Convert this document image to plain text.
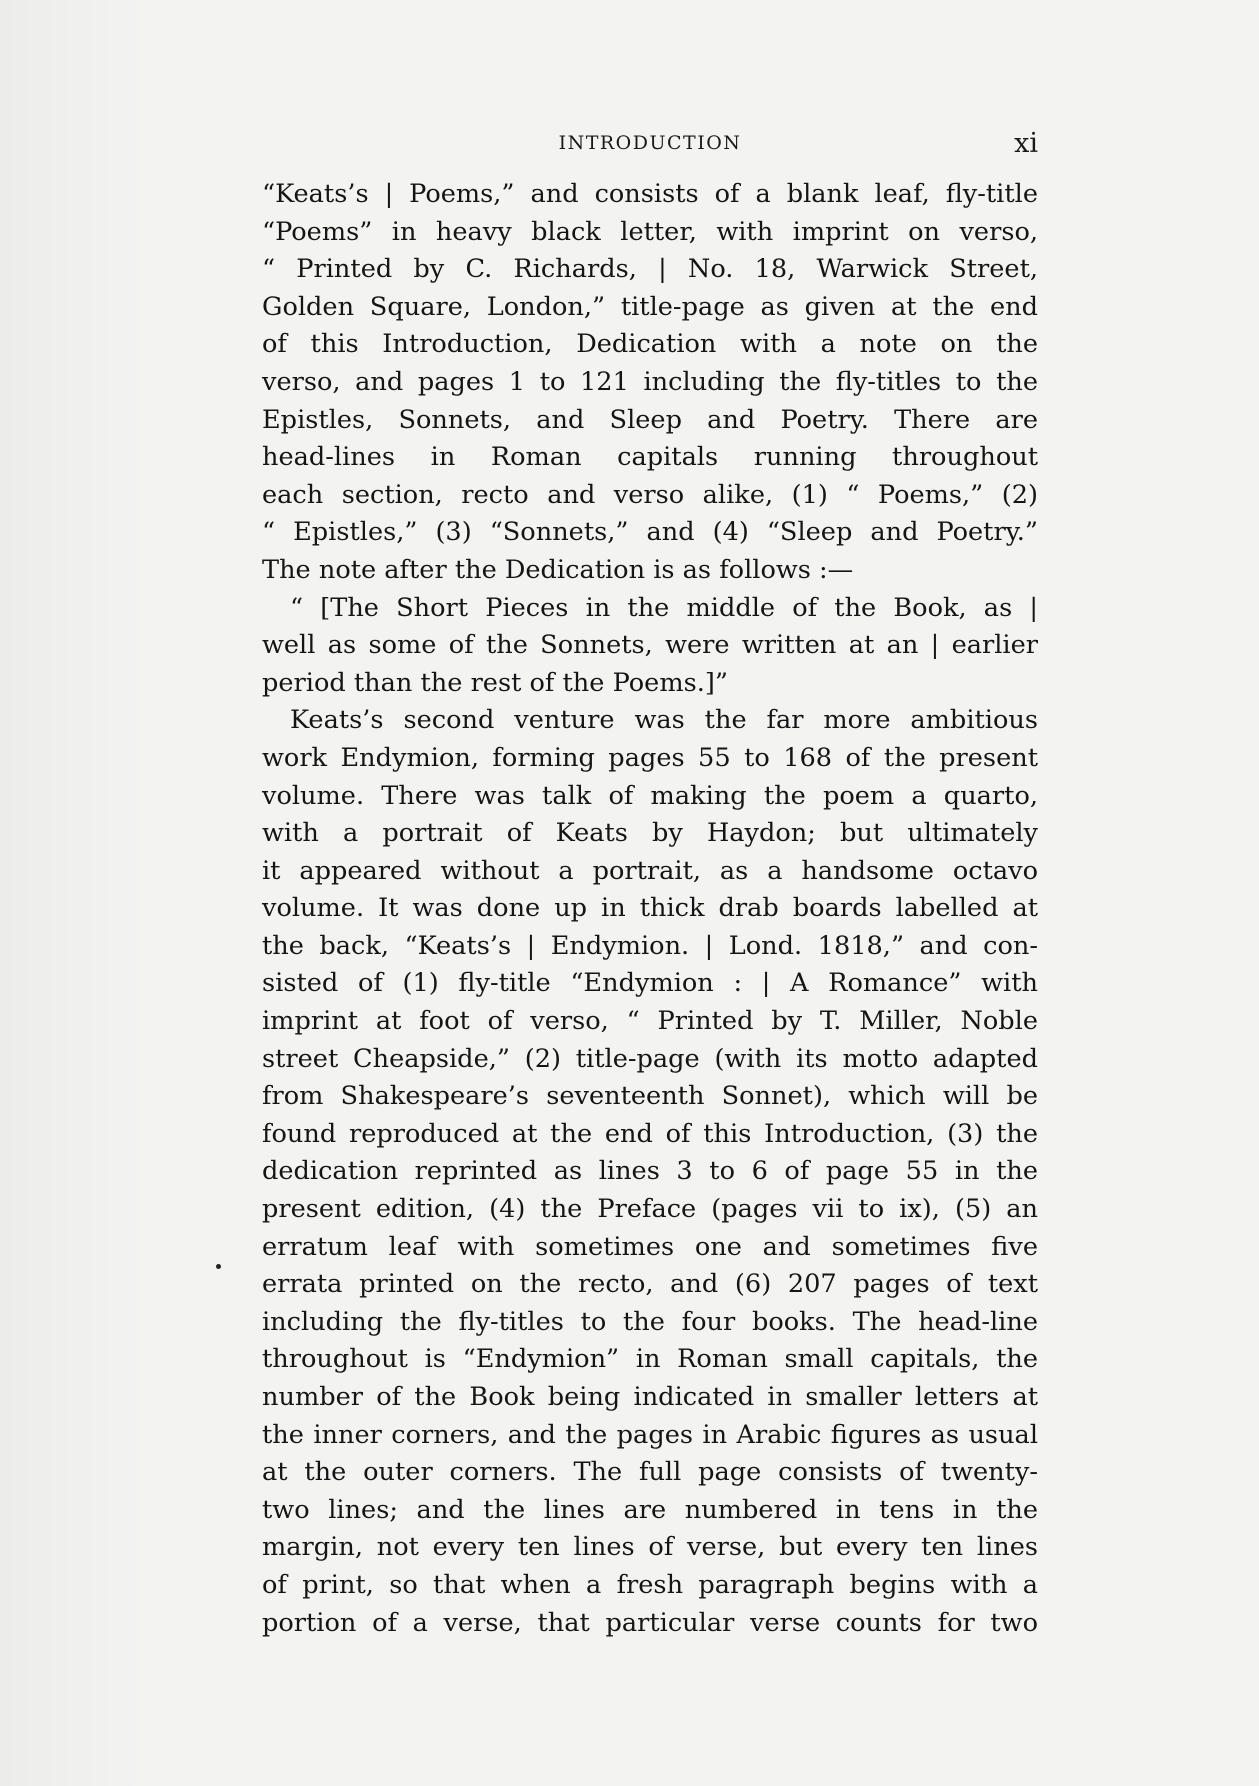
INTRODUCTION	xi
“Keats’s | Poems,” and consists of a blank leaf, fly-title
“Poems” in heavy black letter, with imprint on verso,
“ Printed by C. Richards, | No. 18, Warwick Street,
Golden Square, London,” title-page as given at the end
of this Introduction, Dedication with a note on the
verso, and pages 1 to 121 including the fly-titles to the
Epistles, Sonnets, and Sleep and Poetry. There are
head-lines in Roman capitals running throughout
each section, recto and verso alike, (1) “ Poems,” (2)
“ Epistles,” (3) “Sonnets,” and (4) “Sleep and Poetry.”
The note after the Dedication is as follows :—
“ [The Short Pieces in the middle of the Book, as |
well as some of the Sonnets, were written at an | earlier
period than the rest of the Poems.]”
Keats’s second venture was the far more ambitious
work Endymion, forming pages 55 to 168 of the present
volume. There was talk of making the poem a quarto,
with a portrait of Keats by Haydon; but ultimately
it appeared without a portrait, as a handsome octavo
volume. It was done up in thick drab boards labelled at
the back, “Keats’s | Endymion. | Lond. 1818,” and con-
sisted of (1) fly-title “Endymion : | A Romance” with
imprint at foot of verso, “ Printed by T. Miller, Noble
street Cheapside,” (2) title-page (with its motto adapted
from Shakespeare’s seventeenth Sonnet), which will be
found reproduced at the end of this Introduction, (3) the
dedication reprinted as lines 3 to 6 of page 55 in the
present edition, (4) the Preface (pages vii to ix), (5) an
erratum leaf with sometimes one and sometimes five
errata printed on the recto, and (6) 207 pages of text
including the fly-titles to the four books. The head-line
throughout is “Endymion” in Roman small capitals, the
number of the Book being indicated in smaller letters at
the inner corners, and the pages in Arabic figures as usual
at the outer corners. The full page consists of twenty-
two lines; and the lines are numbered in tens in the
margin, not every ten lines of verse, but every ten lines
of print, so that when a fresh paragraph begins with a
portion of a verse, that particular verse counts for two
